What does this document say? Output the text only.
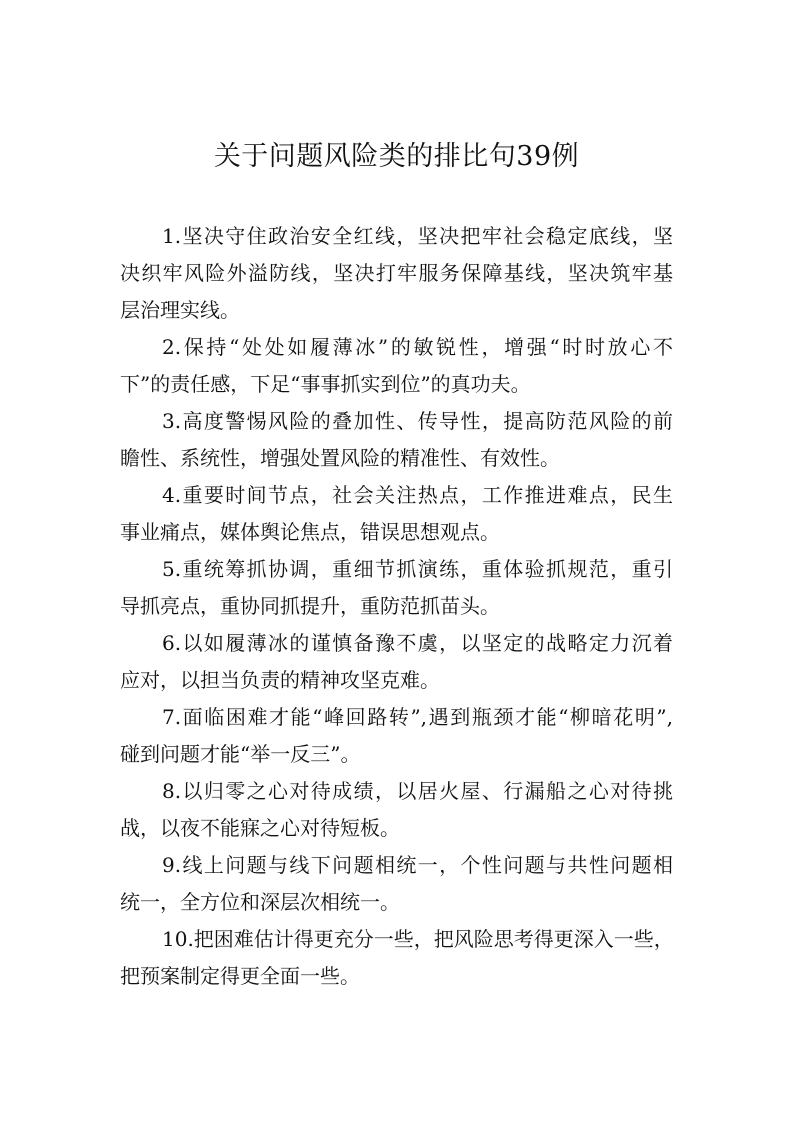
关于问题风险类的排比句39例
1.坚决守住政治安全红线，坚决把牢社会稳定底线，坚
决织牢风险外溢防线，坚决打牢服务保障基线，坚决筑牢基
层治理实线。
2.保持“处处如履薄冰”的敏锐性，增强“时时放心不
下”的责任感，下足“事事抓实到位”的真功夫。
3.高度警惕风险的叠加性、传导性，提高防范风险的前
瞻性、系统性，增强处置风险的精准性、有效性。
4.重要时间节点，社会关注热点，工作推进难点，民生
事业痛点，媒体舆论焦点，错误思想观点。
5.重统筹抓协调，重细节抓演练，重体验抓规范，重引
导抓亮点，重协同抓提升，重防范抓苗头。
6.以如履薄冰的谨慎备豫不虞，以坚定的战略定力沉着
应对，以担当负责的精神攻坚克难。
7.面临困难才能“峰回路转”,遇到瓶颈才能“柳暗花明”,
碰到问题才能“举一反三”。
8.以归零之心对待成绩，以居火屋、行漏船之心对待挑
战，以夜不能寐之心对待短板。
9.线上问题与线下问题相统一，个性问题与共性问题相
统一，全方位和深层次相统一。
10.把困难估计得更充分一些，把风险思考得更深入一些，
把预案制定得更全面一些。
